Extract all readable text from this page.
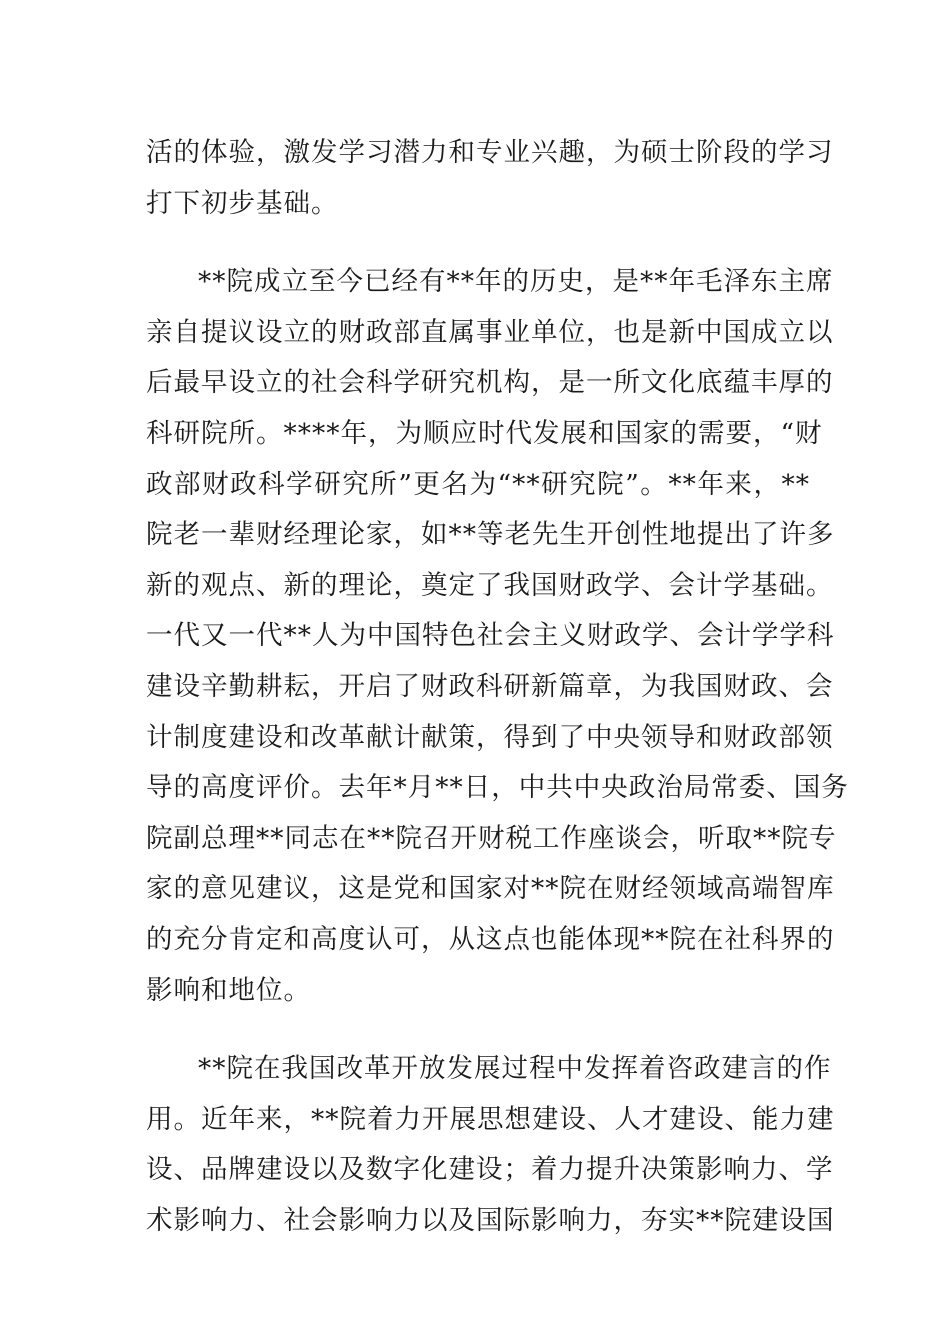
活的体验，激发学习潜力和专业兴趣，为硕士阶段的学习
打下初步基础。
**院成立至今已经有**年的历史，是**年毛泽东主席
亲自提议设立的财政部直属事业单位，也是新中国成立以
后最早设立的社会科学研究机构，是一所文化底蕴丰厚的
科研院所。****年，为顺应时代发展和国家的需要，“财
政部财政科学研究所”更名为“**研究院”。**年来，**
院老一辈财经理论家，如**等老先生开创性地提出了许多
新的观点、新的理论，奠定了我国财政学、会计学基础。
一代又一代**人为中国特色社会主义财政学、会计学学科
建设辛勤耕耘，开启了财政科研新篇章，为我国财政、会
计制度建设和改革献计献策，得到了中央领导和财政部领
导的高度评价。去年*月**日，中共中央政治局常委、国务
院副总理**同志在**院召开财税工作座谈会，听取**院专
家的意见建议，这是党和国家对**院在财经领域高端智库
的充分肯定和高度认可，从这点也能体现**院在社科界的
影响和地位。
**院在我国改革开放发展过程中发挥着咨政建言的作
用。近年来，**院着力开展思想建设、人才建设、能力建
设、品牌建设以及数字化建设；着力提升决策影响力、学
术影响力、社会影响力以及国际影响力，夯实**院建设国
